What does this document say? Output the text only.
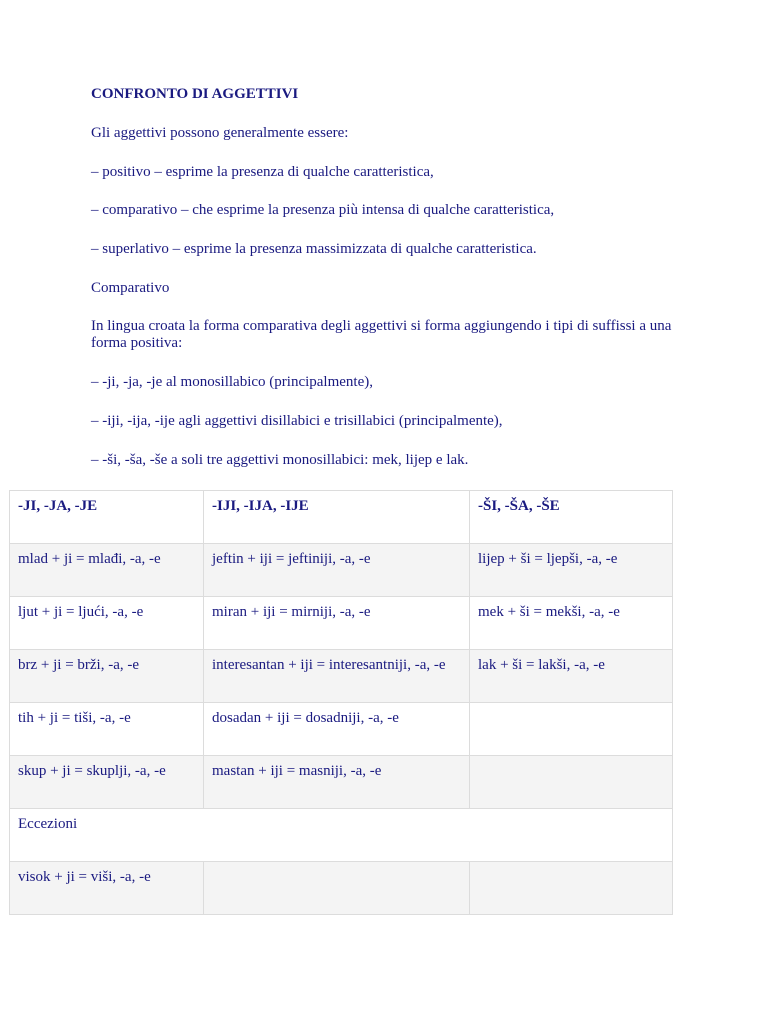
CONFRONTO DI AGGETTIVI
Gli aggettivi possono generalmente essere:
– positivo – esprime la presenza di qualche caratteristica,
– comparativo – che esprime la presenza più intensa di qualche caratteristica,
– superlativo – esprime la presenza massimizzata di qualche caratteristica.
Comparativo
In lingua croata la forma comparativa degli aggettivi si forma aggiungendo i tipi di suffissi a una forma positiva:
– -ji, -ja, -je al monosillabico (principalmente),
– -iji, -ija, -ije agli aggettivi disillabici e trisillabici (principalmente),
– -ši, -ša, -še a soli tre aggettivi monosillabici: mek, lijep e lak.
-JI, -JA, -JE	-IJI, -IJA, -IJE	-ŠI, -ŠA, -ŠE
mlad + ji = mlađi, -a, -e	jeftin + iji = jeftiniji, -a, -e	lijep + ši = ljepši, -a, -e
ljut + ji = ljući, -a, -e	miran + iji = mirniji, -a, -e	mek + ši = mekši, -a, -e
brz + ji = brži, -a, -e	interesantan + iji = interesantniji, -a, -e	lak + ši = lakši, -a, -e
tih + ji = tiši, -a, -e	dosadan + iji = dosadniji, -a, -e	
skup + ji = skuplji, -a, -e	mastan + iji = masniji, -a, -e	
Eccezioni		
visok + ji = viši, -a, -e		
